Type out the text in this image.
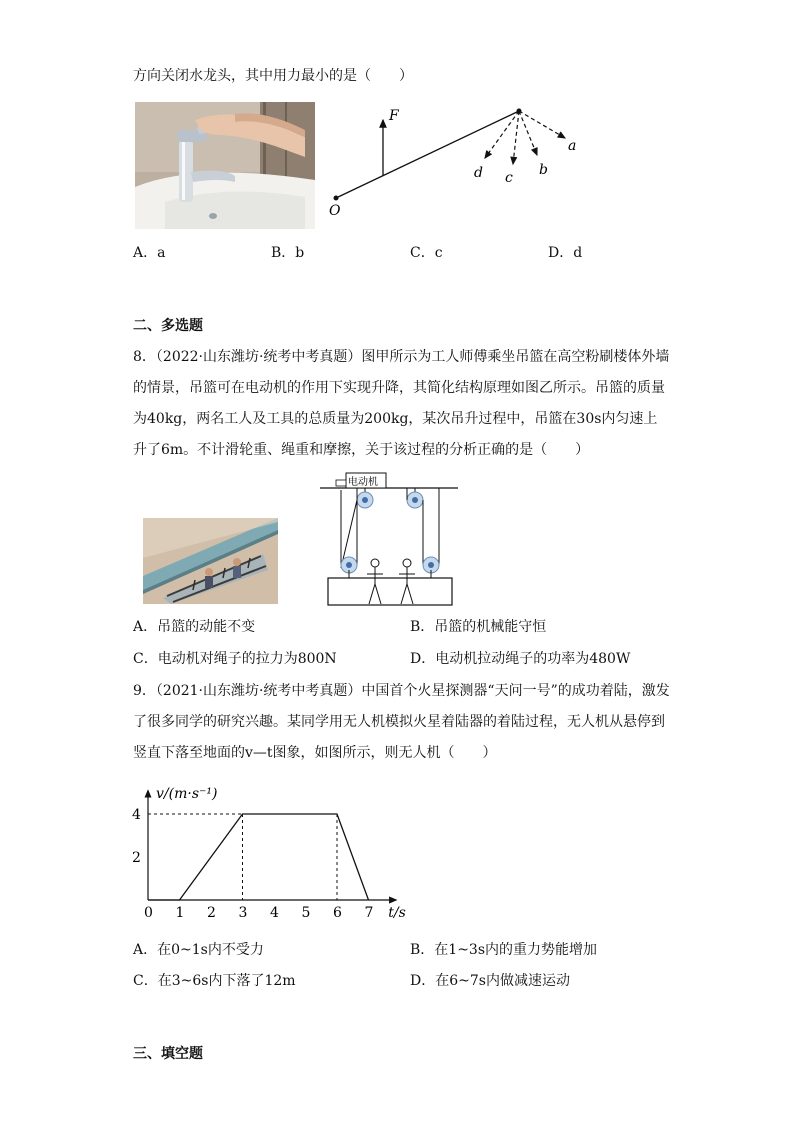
方向关闭水龙头，其中用力最小的是（　　）
F
O
a
b
c
d
A．a	B．b	C．c	D．d
二、多选题
8．（2022·山东潍坊·统考中考真题）图甲所示为工人师傅乘坐吊篮在高空粉刷楼体外墙
的情景，吊篮可在电动机的作用下实现升降，其简化结构原理如图乙所示。吊篮的质量
为40kg，两名工人及工具的总质量为200kg，某次吊升过程中，吊篮在30s内匀速上
升了6m。不计滑轮重、绳重和摩擦，关于该过程的分析正确的是（　　）
电动机
A．吊篮的动能不变	B．吊篮的机械能守恒
C．电动机对绳子的拉力为800N	D．电动机拉动绳子的功率为480W
9．（2021·山东潍坊·统考中考真题）中国首个火星探测器“天问一号”的成功着陆，激发
了很多同学的研究兴趣。某同学用无人机模拟火星着陆器的着陆过程，无人机从悬停到
竖直下落至地面的v—t图象，如图所示，则无人机（　　）
0 1 2 3 4 5 6 7
2
4
t/s
v/(m·s⁻¹)
A．在0~1s内不受力	B．在1~3s内的重力势能增加
C．在3~6s内下落了12m	D．在6~7s内做减速运动
三、填空题
